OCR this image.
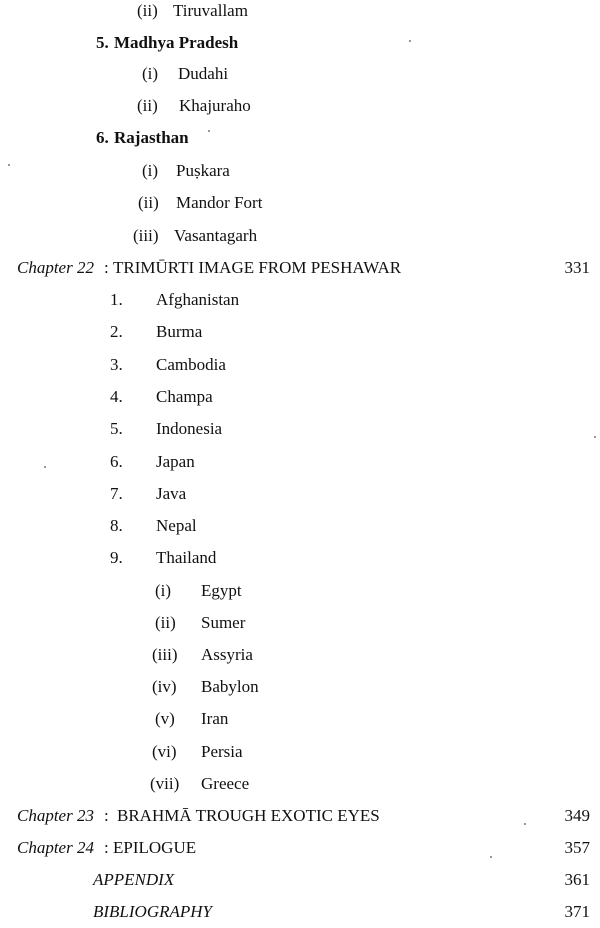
(ii) Tiruvallam
5. Madhya Pradesh
(i) Dudahi
(ii) Khajuraho
6. Rajasthan
(i) Puṣkara
(ii) Mandor Fort
(iii) Vasantagarh
Chapter 22 : TRIMŪRTI IMAGE FROM PESHAWAR	331
1. Afghanistan
2. Burma
3. Cambodia
4. Champa
5. Indonesia
6. Japan
7. Java
8. Nepal
9. Thailand
(i) Egypt
(ii) Sumer
(iii) Assyria
(iv) Babylon
(v) Iran
(vi) Persia
(vii) Greece
Chapter 23 : BRAHMĀ TROUGH EXOTIC EYES	349
Chapter 24 : EPILOGUE	357
APPENDIX	361
BIBLIOGRAPHY	371
